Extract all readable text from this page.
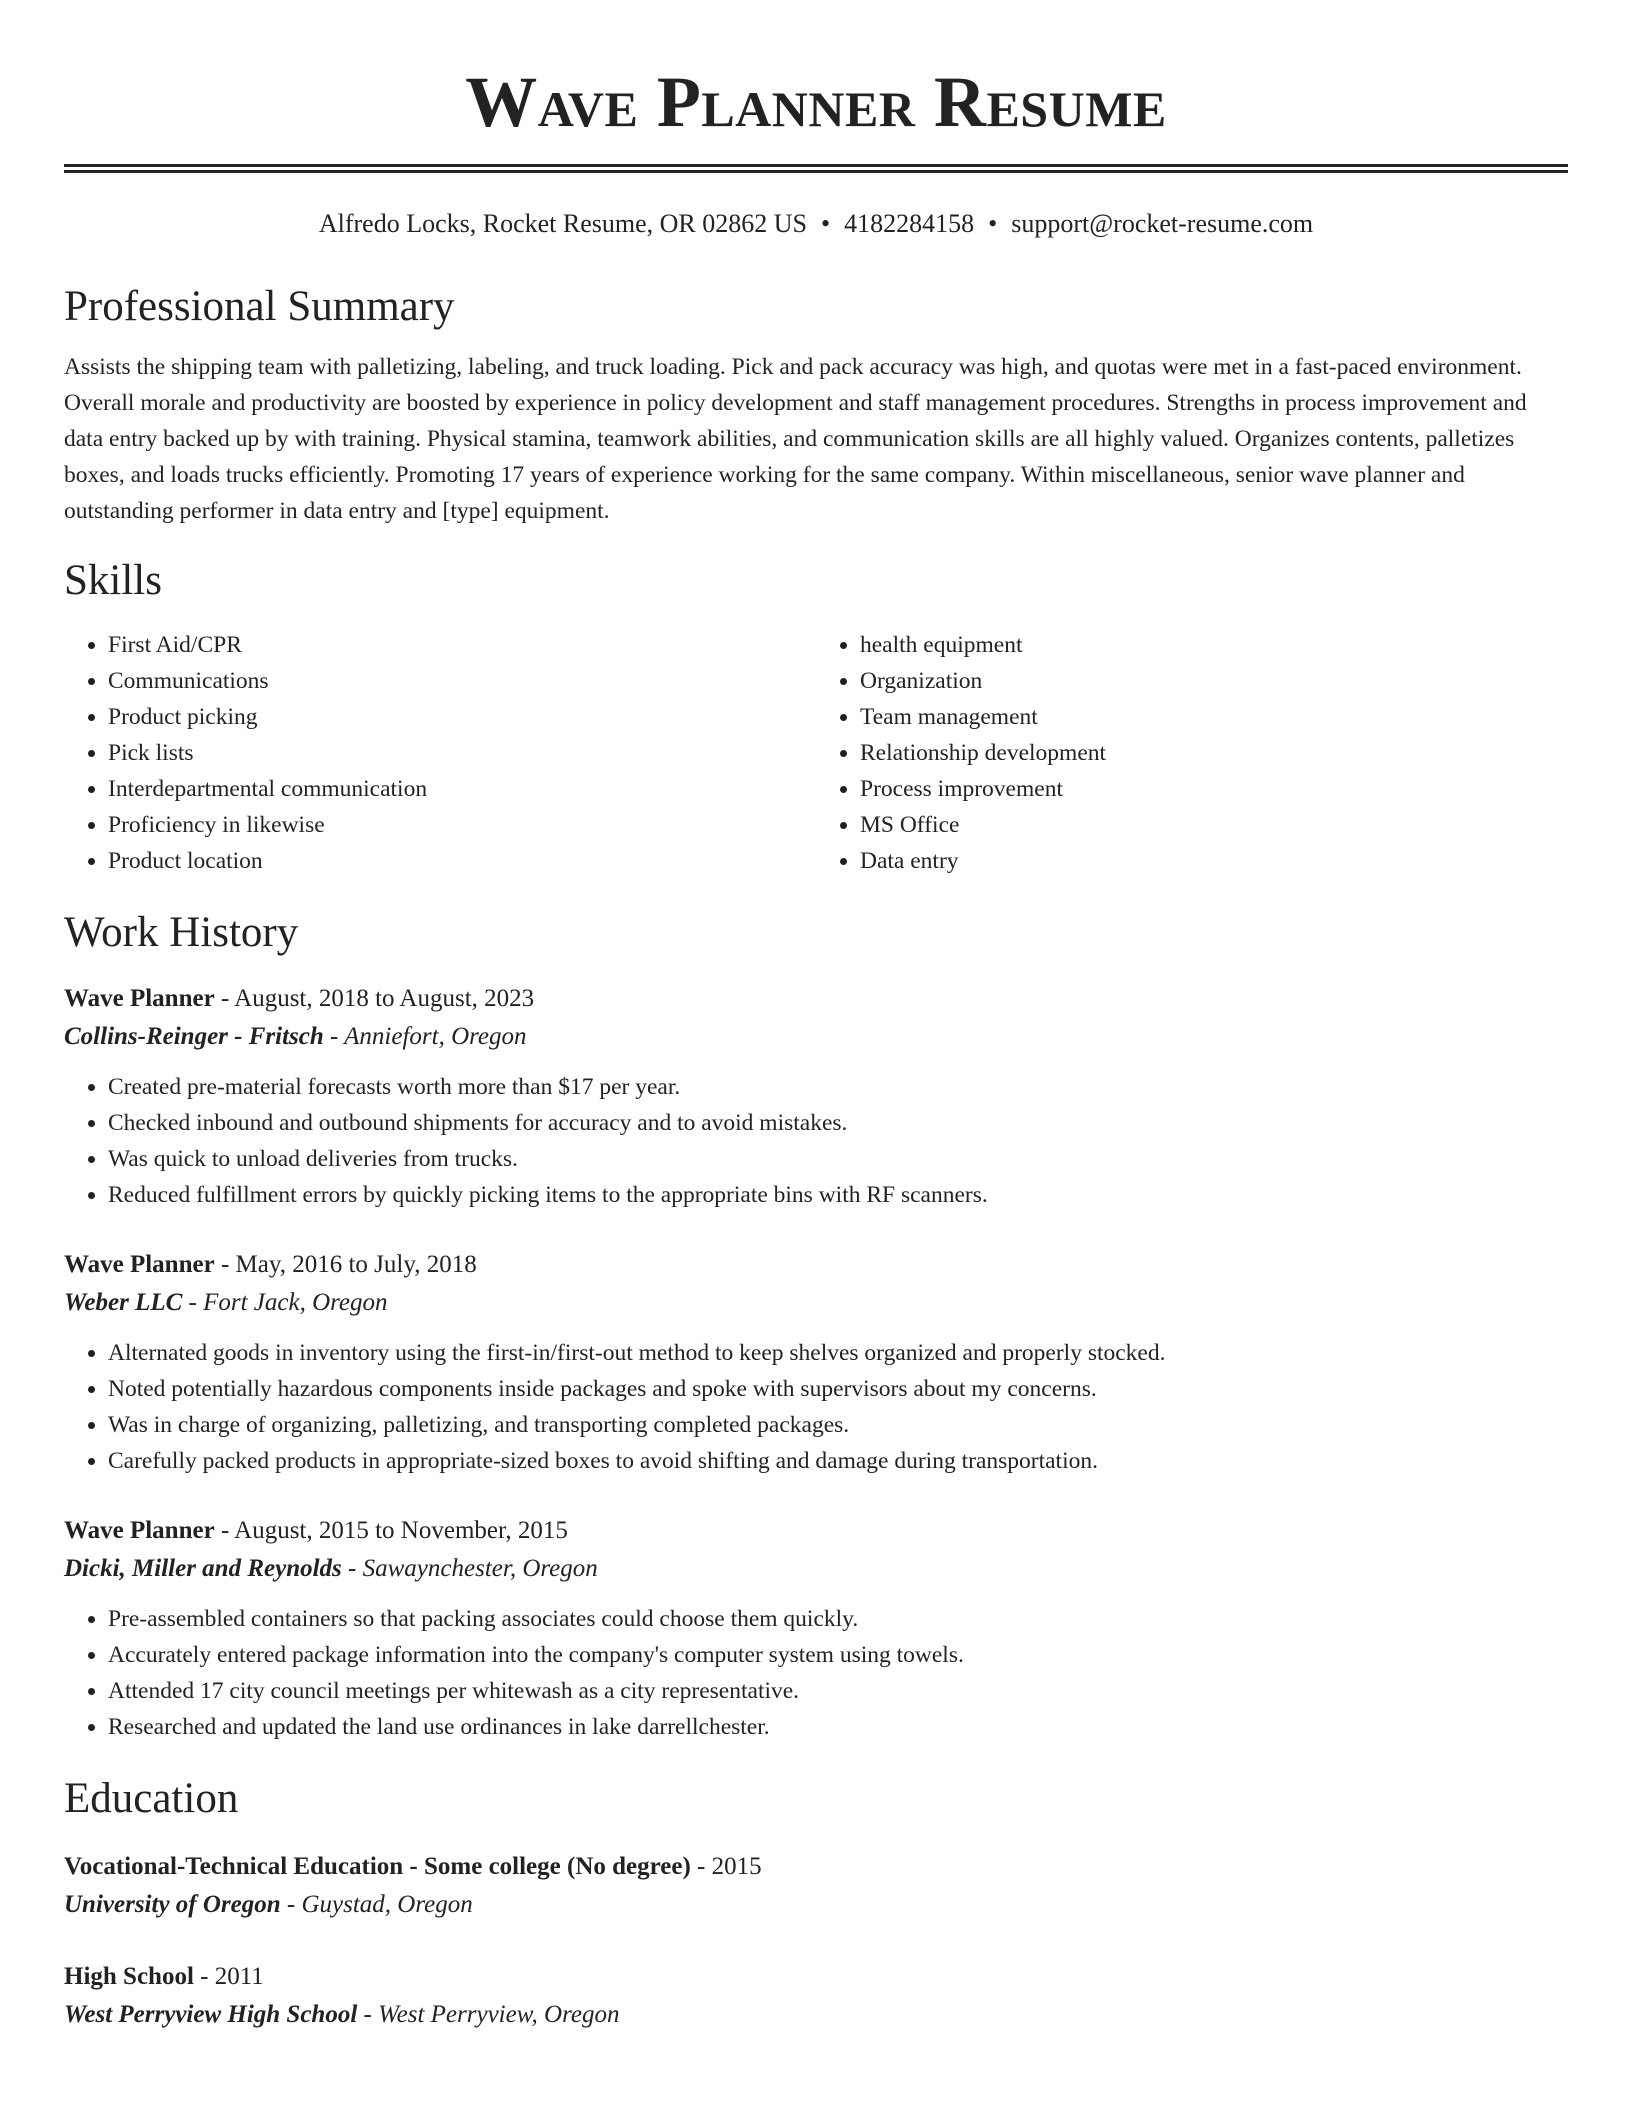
Wave Planner Resume
Alfredo Locks, Rocket Resume, OR 02862 US • 4182284158 • support@rocket-resume.com
Professional Summary

Assists the shipping team with palletizing, labeling, and truck loading. Pick and pack accuracy was high, and quotas were met in a fast-paced environment. Overall morale and productivity are boosted by experience in policy development and staff management procedures. Strengths in process improvement and data entry backed up by with training. Physical stamina, teamwork abilities, and communication skills are all highly valued. Organizes contents, palletizes boxes, and loads trucks efficiently. Promoting 17 years of experience working for the same company. Within miscellaneous, senior wave planner and outstanding performer in data entry and [type] equipment.

Skills
• First Aid/CPR
• Communications
• Product picking
• Pick lists
• Interdepartmental communication
• Proficiency in likewise
• Product location
• health equipment
• Organization
• Team management
• Relationship development
• Process improvement
• MS Office
• Data entry
Work History
Wave Planner - August, 2018 to August, 2023
Collins-Reinger - Fritsch - Anniefort, Oregon
• Created pre-material forecasts worth more than $17 per year.
• Checked inbound and outbound shipments for accuracy and to avoid mistakes.
• Was quick to unload deliveries from trucks.
• Reduced fulfillment errors by quickly picking items to the appropriate bins with RF scanners.
Wave Planner - May, 2016 to July, 2018
Weber LLC - Fort Jack, Oregon
• Alternated goods in inventory using the first-in/first-out method to keep shelves organized and properly stocked.
• Noted potentially hazardous components inside packages and spoke with supervisors about my concerns.
• Was in charge of organizing, palletizing, and transporting completed packages.
• Carefully packed products in appropriate-sized boxes to avoid shifting and damage during transportation.
Wave Planner - August, 2015 to November, 2015
Dicki, Miller and Reynolds - Sawaynchester, Oregon
• Pre-assembled containers so that packing associates could choose them quickly.
• Accurately entered package information into the company's computer system using towels.
• Attended 17 city council meetings per whitewash as a city representative.
• Researched and updated the land use ordinances in lake darrellchester.
Education
Vocational-Technical Education - Some college (No degree) - 2015
University of Oregon - Guystad, Oregon
High School - 2011
West Perryview High School - West Perryview, Oregon
